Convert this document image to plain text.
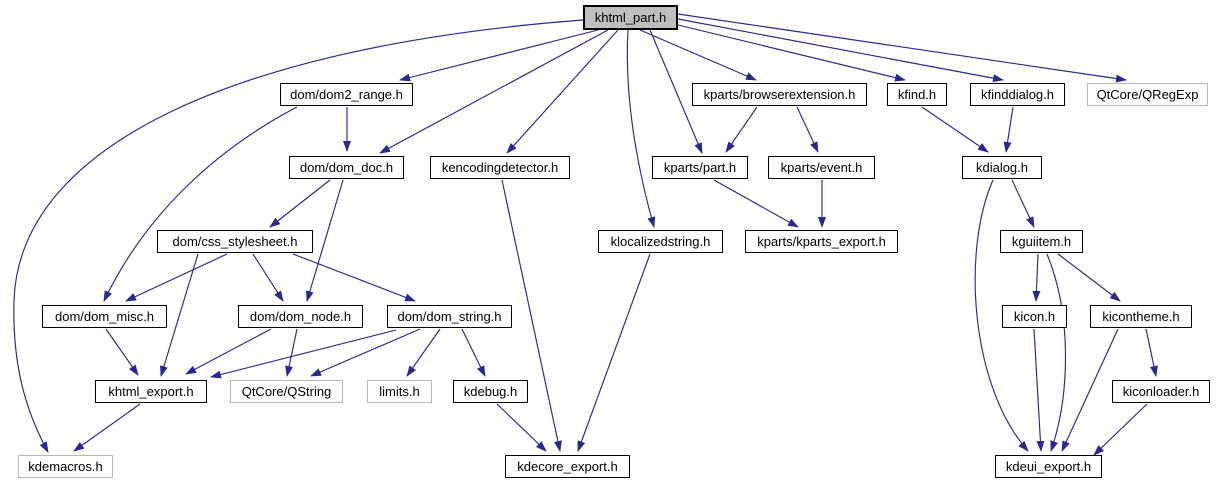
khtml_part.h
dom/dom2_range.h	kparts/browserextension.h	kfind.h	kfinddialog.h	QtCore/QRegExp
dom/dom_doc.h	kencodingdetector.h	kparts/part.h	kparts/event.h	kdialog.h
dom/css_stylesheet.h	klocalizedstring.h	kparts/kparts_export.h	kguiitem.h
dom/dom_misc.h	dom/dom_node.h	dom/dom_string.h	kicon.h	kicontheme.h
khtml_export.h	QtCore/QString	limits.h	kdebug.h	kiconloader.h
kdemacros.h	kdecore_export.h	kdeui_export.h
